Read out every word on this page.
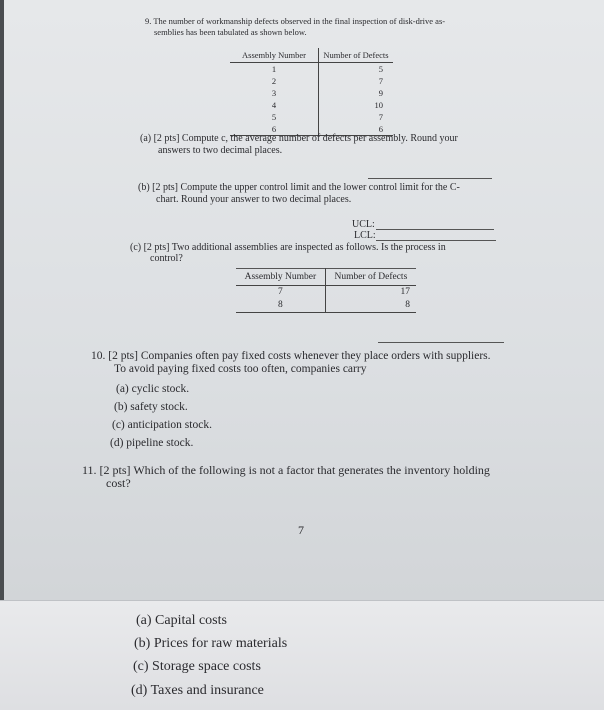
9. The number of workmanship defects observed in the final inspection of disk-drive as-
semblies has been tabulated as shown below.
Assembly Number	Number of Defects
1	5
2	7
3	9
4	10
5	7
6	6
(a) [2 pts] Compute c, the average number of defects per assembly. Round your
answers to two decimal places.
(b) [2 pts] Compute the upper control limit and the lower control limit for the C-
chart. Round your answer to two decimal places.
UCL:
LCL:
(c) [2 pts] Two additional assemblies are inspected as follows. Is the process in
control?
Assembly Number	Number of Defects
7	17
8	8
10. [2 pts] Companies often pay fixed costs whenever they place orders with suppliers.
To avoid paying fixed costs too often, companies carry
(a) cyclic stock.
(b) safety stock.
(c) anticipation stock.
(d) pipeline stock.
11. [2 pts] Which of the following is not a factor that generates the inventory holding
cost?
7
(a) Capital costs
(b) Prices for raw materials
(c) Storage space costs
(d) Taxes and insurance
